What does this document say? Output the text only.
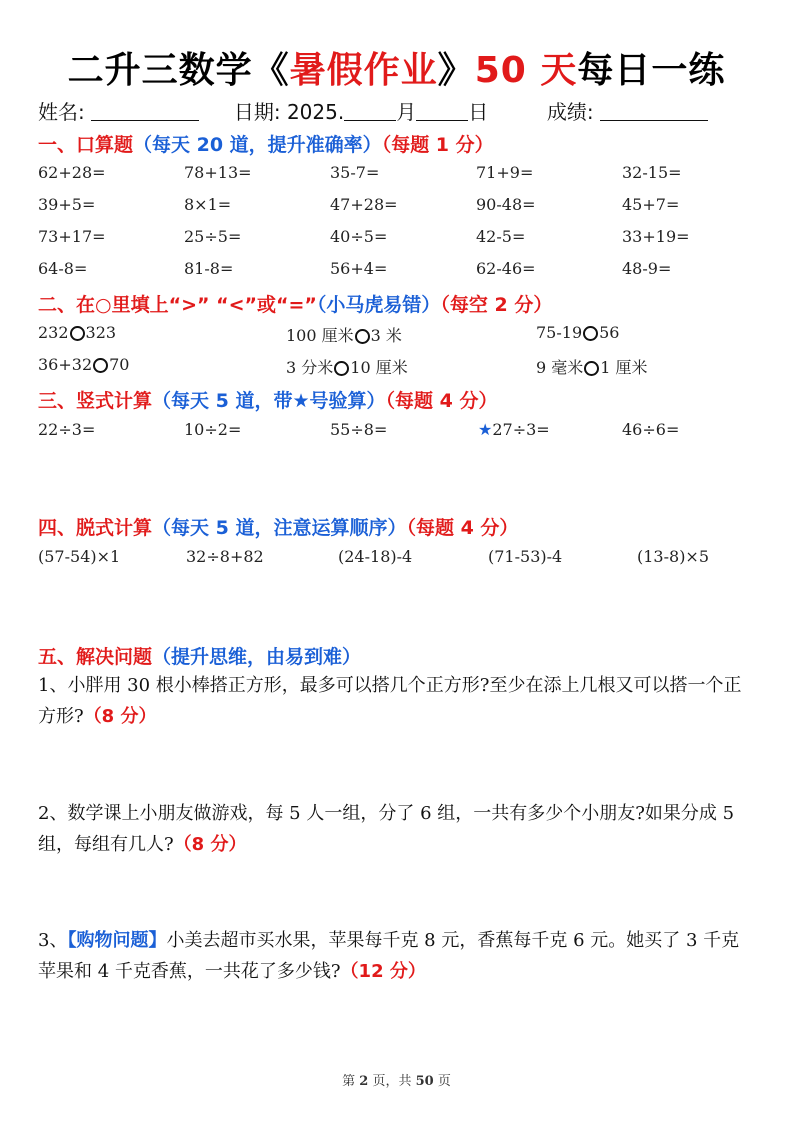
二升三数学《暑假作业》50 天每日一练
姓名:	日期: 2025.	月	日	成绩:
一、口算题（每天 20 道，提升准确率）（每题 1 分）
62+28=	78+13=	35-7=	71+9=	32-15=
39+5=	8×1=	47+28=	90-48=	45+7=
73+17=	25÷5=	40÷5=	42-5=	33+19=
64-8=	81-8=	56+4=	62-46=	48-9=
二、在○里填上“>” “<”或“=”（小马虎易错）（每空 2 分）
232 323	100 厘米 3 米	75-19 56
36+32 70	3 分米 10 厘米	9 毫米 1 厘米
三、竖式计算（每天 5 道，带★号验算）（每题 4 分）
22÷3=	10÷2=	55÷8=	★27÷3=	46÷6=
四、脱式计算（每天 5 道，注意运算顺序）（每题 4 分）
(57-54)×1	32÷8+82	(24-18)-4	(71-53)-4	(13-8)×5
五、解决问题（提升思维，由易到难）
1、小胖用 30 根小棒搭正方形，最多可以搭几个正方形?至少在添上几根又可以搭一个正方形?（8 分）
2、数学课上小朋友做游戏，每 5 人一组，分了 6 组，一共有多少个小朋友?如果分成 5 组，每组有几人?（8 分）
3、【购物问题】小美去超市买水果，苹果每千克 8 元，香蕉每千克 6 元。她买了 3 千克苹果和 4 千克香蕉，一共花了多少钱?（12 分）
第 2 页，共 50 页
